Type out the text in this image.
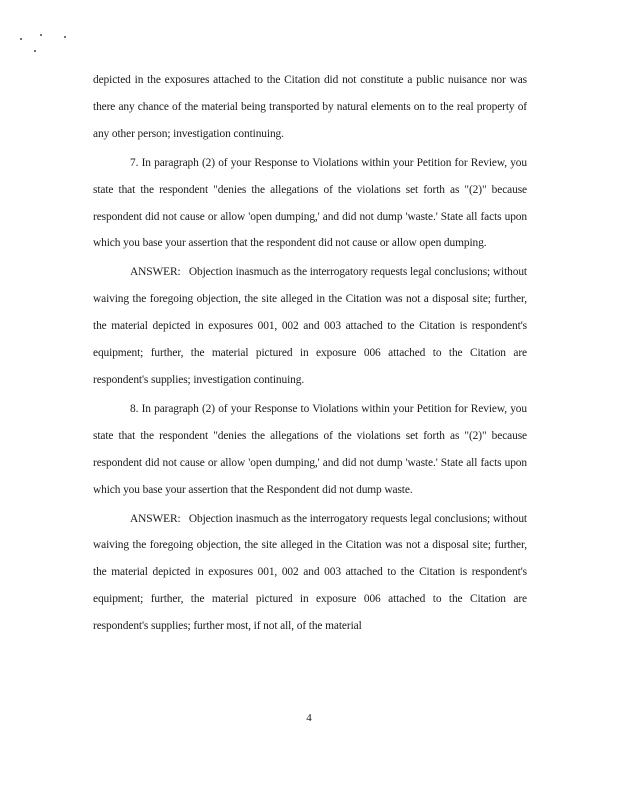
depicted in the exposures attached to the Citation did not constitute a public nuisance nor was there any chance of the material being transported by natural elements on to the real property of any other person; investigation continuing.

7. In paragraph (2) of your Response to Violations within your Petition for Review, you state that the respondent "denies the allegations of the violations set forth as "(2)" because respondent did not cause or allow 'open dumping,' and did not dump 'waste.' State all facts upon which you base your assertion that the respondent did not cause or allow open dumping.

ANSWER: Objection inasmuch as the interrogatory requests legal conclusions; without waiving the foregoing objection, the site alleged in the Citation was not a disposal site; further, the material depicted in exposures 001, 002 and 003 attached to the Citation is respondent's equipment; further, the material pictured in exposure 006 attached to the Citation are respondent's supplies; investigation continuing.

8. In paragraph (2) of your Response to Violations within your Petition for Review, you state that the respondent "denies the allegations of the violations set forth as "(2)" because respondent did not cause or allow 'open dumping,' and did not dump 'waste.' State all facts upon which you base your assertion that the Respondent did not dump waste.

ANSWER: Objection inasmuch as the interrogatory requests legal conclusions; without waiving the foregoing objection, the site alleged in the Citation was not a disposal site; further, the material depicted in exposures 001, 002 and 003 attached to the Citation is respondent's equipment; further, the material pictured in exposure 006 attached to the Citation are respondent's supplies; further most, if not all, of the material

4
